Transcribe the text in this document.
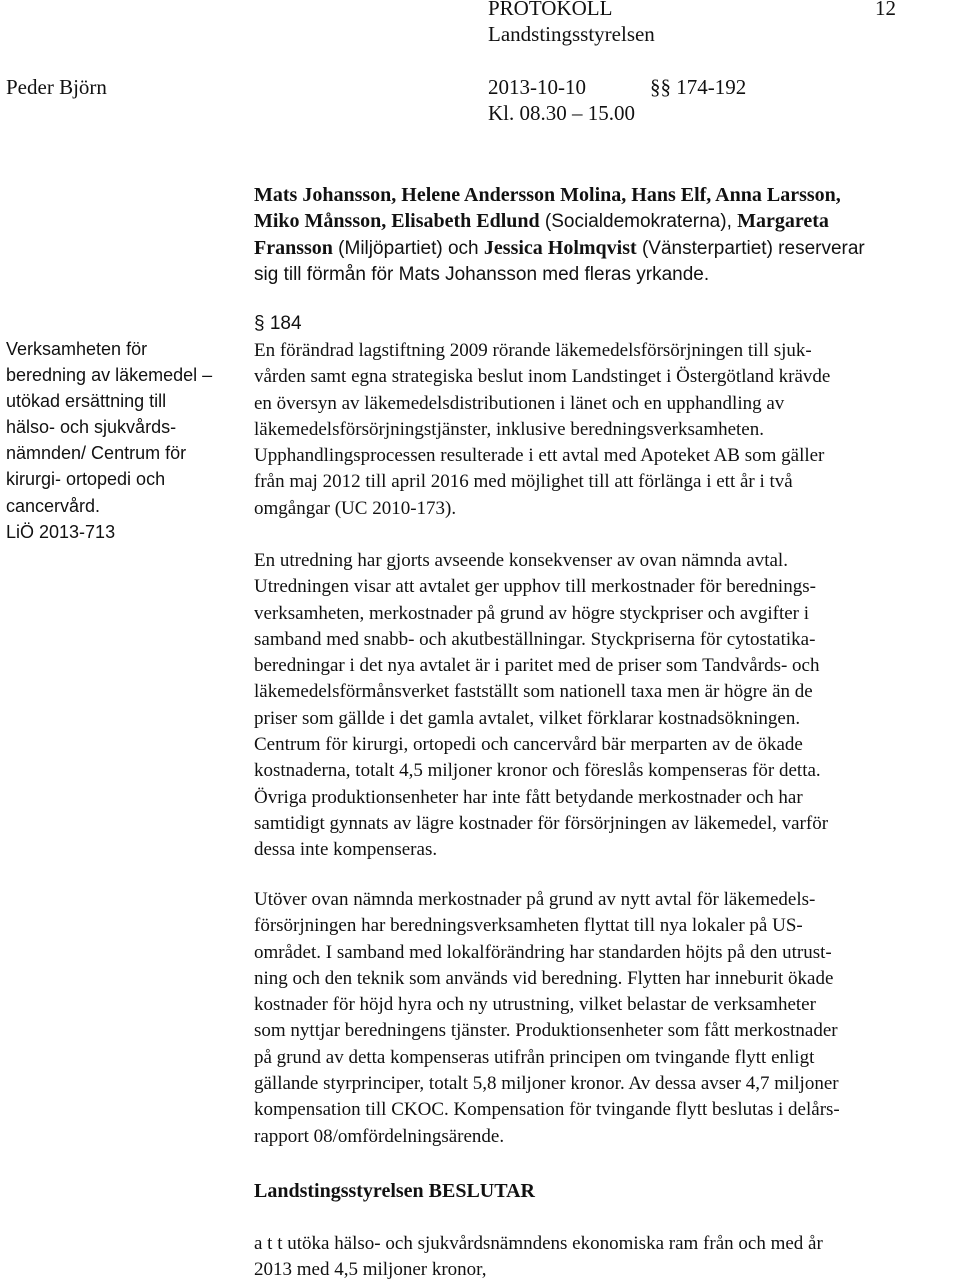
PROTOKOLL	12
Landstingsstyrelsen
Peder Björn	2013-10-10	§§ 174-192
Kl. 08.30 – 15.00
Mats Johansson, Helene Andersson Molina, Hans Elf, Anna Larsson,
Miko Månsson, Elisabeth Edlund (Socialdemokraterna), Margareta
Fransson (Miljöpartiet) och Jessica Holmqvist (Vänsterpartiet) reserverar
sig till förmån för Mats Johansson med fleras yrkande.
Verksamheten för
beredning av läkemedel –
utökad ersättning till
hälso- och sjukvårds-
nämnden/ Centrum för
kirurgi- ortopedi och
cancervård.
LiÖ 2013-713
§ 184
En förändrad lagstiftning 2009 rörande läkemedelsförsörjningen till sjuk-
vården samt egna strategiska beslut inom Landstinget i Östergötland krävde
en översyn av läkemedelsdistributionen i länet och en upphandling av
läkemedelsförsörjningstjänster, inklusive beredningsverksamheten.
Upphandlingsprocessen resulterade i ett avtal med Apoteket AB som gäller
från maj 2012 till april 2016 med möjlighet till att förlänga i ett år i två
omgångar (UC 2010-173).
En utredning har gjorts avseende konsekvenser av ovan nämnda avtal.
Utredningen visar att avtalet ger upphov till merkostnader för berednings-
verksamheten, merkostnader på grund av högre styckpriser och avgifter i
samband med snabb- och akutbeställningar. Styckpriserna för cytostatika-
beredningar i det nya avtalet är i paritet med de priser som Tandvårds- och
läkemedelsförmånsverket fastställt som nationell taxa men är högre än de
priser som gällde i det gamla avtalet, vilket förklarar kostnadsökningen.
Centrum för kirurgi, ortopedi och cancervård bär merparten av de ökade
kostnaderna, totalt 4,5 miljoner kronor och föreslås kompenseras för detta.
Övriga produktionsenheter har inte fått betydande merkostnader och har
samtidigt gynnats av lägre kostnader för försörjningen av läkemedel, varför
dessa inte kompenseras.
Utöver ovan nämnda merkostnader på grund av nytt avtal för läkemedels-
försörjningen har beredningsverksamheten flyttat till nya lokaler på US-
området. I samband med lokalförändring har standarden höjts på den utrust-
ning och den teknik som används vid beredning. Flytten har inneburit ökade
kostnader för höjd hyra och ny utrustning, vilket belastar de verksamheter
som nyttjar beredningens tjänster. Produktionsenheter som fått merkostnader
på grund av detta kompenseras utifrån principen om tvingande flytt enligt
gällande styrprinciper, totalt 5,8 miljoner kronor. Av dessa avser 4,7 miljoner
kompensation till CKOC. Kompensation för tvingande flytt beslutas i delårs-
rapport 08/omfördelningsärende.
Landstingsstyrelsen BESLUTAR
a t t utöka hälso- och sjukvårdsnämndens ekonomiska ram från och med år
2013 med 4,5 miljoner kronor,
